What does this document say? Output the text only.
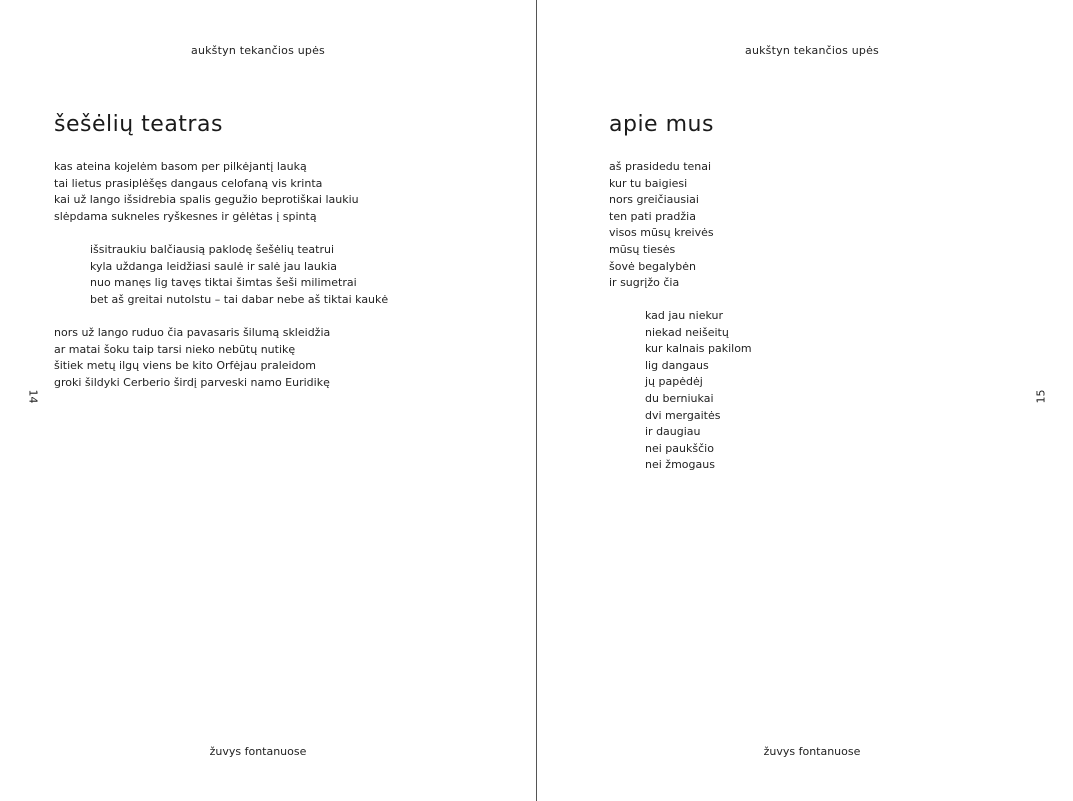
aukštyn tekančios upės
šešėlių teatras
kas ateina kojelėm basom per pilkėjantį lauką
tai lietus prasiplėšęs dangaus celofaną vis krinta
kai už lango išsidrebia spalis gegužio beprotiškai laukiu
slėpdama sukneles ryškesnes ir gėlėtas į spintą
išsitraukiu balčiausią paklodę šešėlių teatrui
kyla uždanga leidžiasi saulė ir salė jau laukia
nuo manęs lig tavęs tiktai šimtas šeši milimetrai
bet aš greitai nutolstu – tai dabar nebe aš tiktai kaukė
nors už lango ruduo čia pavasaris šilumą skleidžia
ar matai šoku taip tarsi nieko nebūtų nutikę
šitiek metų ilgų viens be kito Orfėjau praleidom
groki šildyki Cerberio širdį parveski namo Euridikę
14
žuvys fontanuose
aukštyn tekančios upės
apie mus
aš prasidedu tenai
kur tu baigiesi
nors greičiausiai
ten pati pradžia
visos mūsų kreivės
mūsų tiesės
šovė begalybėn
ir sugrįžo čia
kad jau niekur
niekad neišeitų
kur kalnais pakilom
lig dangaus
jų papėdėj
du berniukai
dvi mergaitės
ir daugiau
nei paukščio
nei žmogaus
15
žuvys fontanuose
